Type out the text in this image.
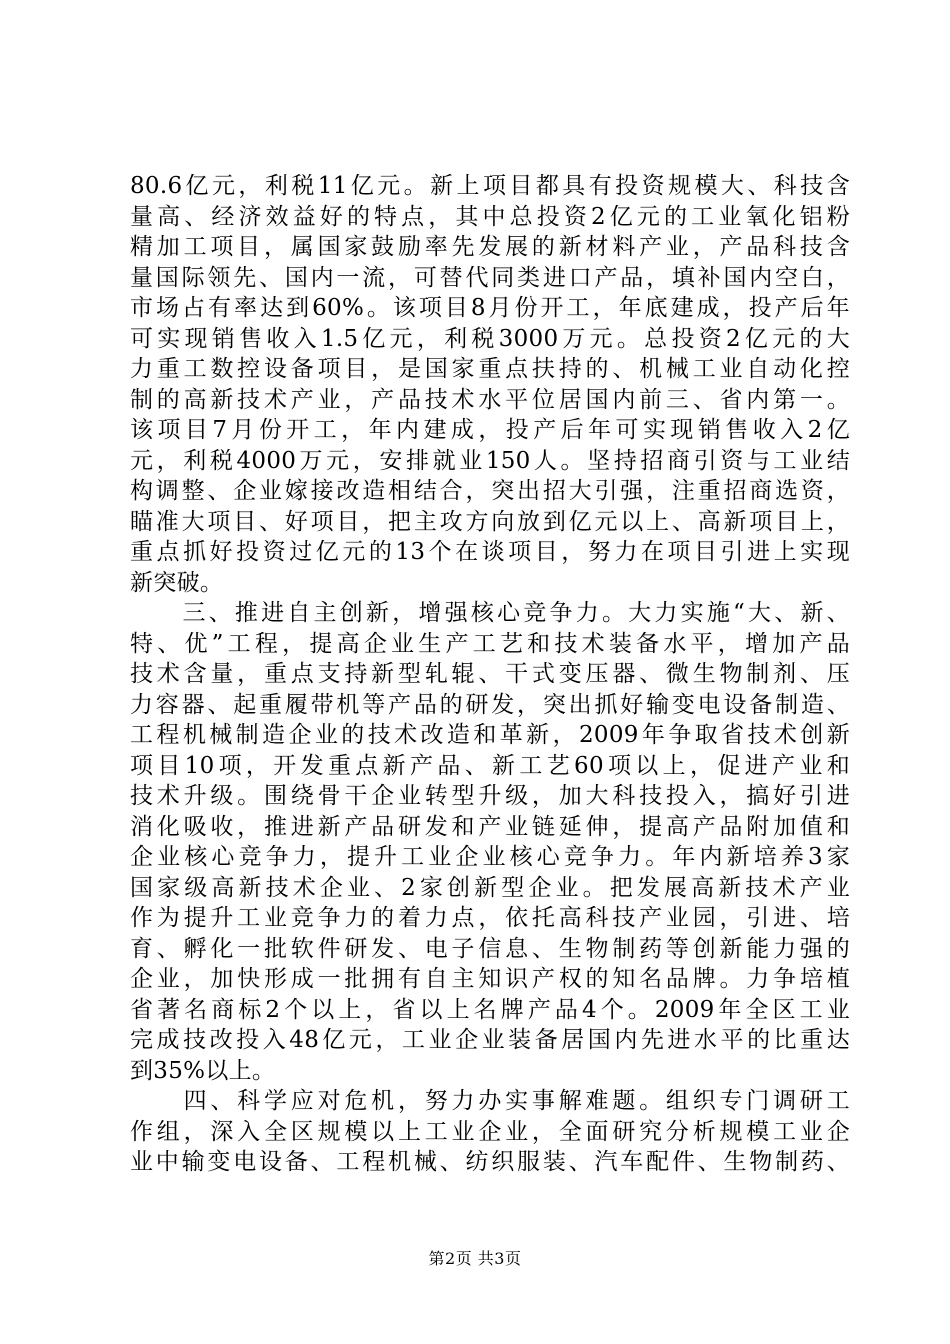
80.6亿元，利税11亿元。新上项目都具有投资规模大、科技含
量高、经济效益好的特点，其中总投资2亿元的工业氧化铝粉
精加工项目，属国家鼓励率先发展的新材料产业，产品科技含
量国际领先、国内一流，可替代同类进口产品，填补国内空白，
市场占有率达到60%。该项目8月份开工，年底建成，投产后年
可实现销售收入1.5亿元，利税3000万元。总投资2亿元的大
力重工数控设备项目，是国家重点扶持的、机械工业自动化控
制的高新技术产业，产品技术水平位居国内前三、省内第一。
该项目7月份开工，年内建成，投产后年可实现销售收入2亿
元，利税4000万元，安排就业150人。坚持招商引资与工业结
构调整、企业嫁接改造相结合，突出招大引强，注重招商选资，
瞄准大项目、好项目，把主攻方向放到亿元以上、高新项目上，
重点抓好投资过亿元的13个在谈项目，努力在项目引进上实现
新突破。
　　三、推进自主创新，增强核心竞争力。大力实施“大、新、
特、优”工程，提高企业生产工艺和技术装备水平，增加产品
技术含量，重点支持新型轧辊、干式变压器、微生物制剂、压
力容器、起重履带机等产品的研发，突出抓好输变电设备制造、
工程机械制造企业的技术改造和革新，2009年争取省技术创新
项目10项，开发重点新产品、新工艺60项以上，促进产业和
技术升级。围绕骨干企业转型升级，加大科技投入，搞好引进
消化吸收，推进新产品研发和产业链延伸，提高产品附加值和
企业核心竞争力，提升工业企业核心竞争力。年内新培养3家
国家级高新技术企业、2家创新型企业。把发展高新技术产业
作为提升工业竞争力的着力点，依托高科技产业园，引进、培
育、孵化一批软件研发、电子信息、生物制药等创新能力强的
企业，加快形成一批拥有自主知识产权的知名品牌。力争培植
省著名商标2个以上，省以上名牌产品4个。2009年全区工业
完成技改投入48亿元，工业企业装备居国内先进水平的比重达
到35%以上。
　　四、科学应对危机，努力办实事解难题。组织专门调研工
作组，深入全区规模以上工业企业，全面研究分析规模工业企
业中输变电设备、工程机械、纺织服装、汽车配件、生物制药、
第2页 共3页
